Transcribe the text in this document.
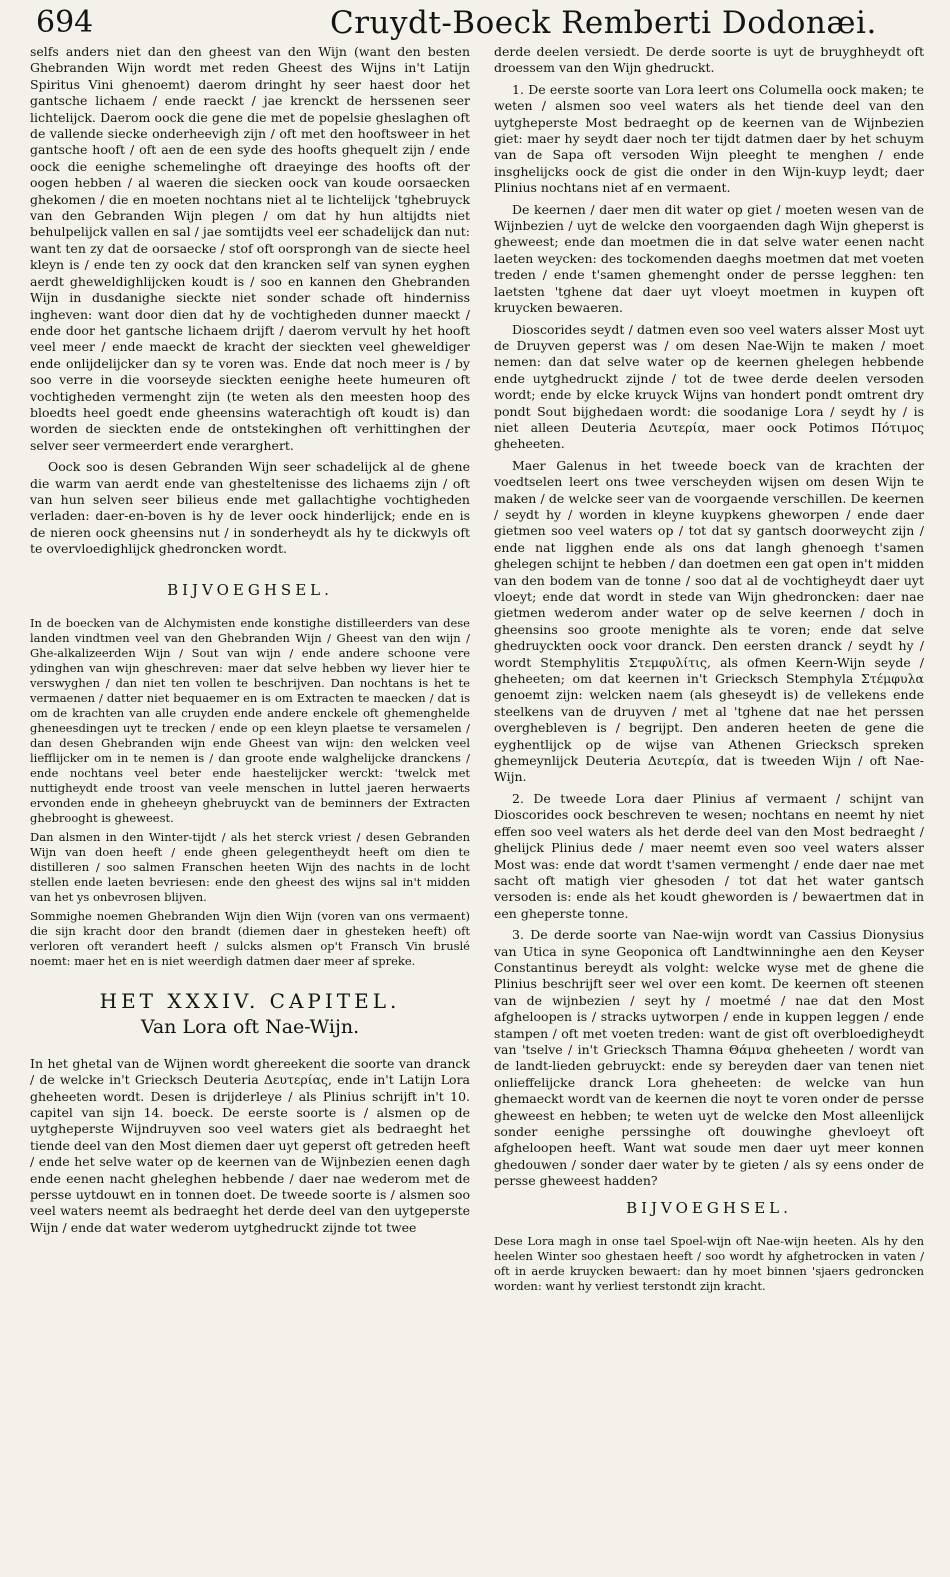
694	Cruydt-Boeck Remberti Dodonæi.

selfs anders niet dan den gheest van den Wijn (want den besten Ghebranden Wijn wordt met reden Gheest des Wijns in't Latijn Spiritus Vini ghenoemt) daerom dringht hy seer haest door het gantsche lichaem / ende raeckt / jae krenckt de herssenen seer lichtelijck. Daerom oock die gene die met de popelsie gheslaghen oft de vallende siecke onderheevigh zijn / oft met den hooftsweer in het gantsche hooft / oft aen de een syde des hoofts ghequelt zijn / ende oock die eenighe schemelinghe oft draeyinge des hoofts oft der oogen hebben / al waeren die siecken oock van koude oorsaecken ghekomen / die en moeten nochtans niet al te lichtelijck 'tghebruyck van den Gebranden Wijn plegen / om dat hy hun altijdts niet behulpelijck vallen en sal / jae somtijdts veel eer schadelijck dan nut: want ten zy dat de oorsaecke / stof oft oorsprongh van de siecte heel kleyn is / ende ten zy oock dat den krancken self van synen eyghen aerdt gheweldighlijcken koudt is / soo en kannen den Ghebranden Wijn in dusdanighe sieckte niet sonder schade oft hinderniss ingheven: want door dien dat hy de vochtigheden dunner maeckt / ende door het gantsche lichaem drijft / daerom vervult hy het hooft veel meer / ende maeckt de kracht der sieckten veel gheweldiger ende onlijdelijcker dan sy te voren was. Ende dat noch meer is / by soo verre in die voorseyde sieckten eenighe heete humeuren oft vochtigheden vermenght zijn (te weten als den meesten hoop des bloedts heel goedt ende gheensins waterachtigh oft koudt is) dan worden de sieckten ende de ontstekinghen oft verhittinghen der selver seer vermeerdert ende verarghert.

Oock soo is desen Gebranden Wijn seer schadelijck al de ghene die warm van aerdt ende van ghesteltenisse des lichaems zijn / oft van hun selven seer bilieus ende met gallachtighe vochtigheden verladen: daer-en-boven is hy de lever oock hinderlijck; ende en is de nieren oock gheensins nut / in sonderheydt als hy te dickwyls oft te overvloedighlijck ghedroncken wordt.

BIJVOEGHSEL.

In de boecken van de Alchymisten ende konstighe distilleerders van dese landen vindtmen veel van den Ghebranden Wijn / Gheest van den wijn / Ghe-alkalizeerden Wijn / Sout van wijn / ende andere schoone vere ydinghen van wijn gheschreven: maer dat selve hebben wy liever hier te verswyghen / dan niet ten vollen te beschrijven. Dan nochtans is het te vermaenen / datter niet bequaemer en is om Extracten te maecken / dat is om de krachten van alle cruyden ende andere enckele oft ghemenghelde gheneesdingen uyt te trecken / ende op een kleyn plaetse te versamelen / dan desen Ghebranden wijn ende Gheest van wijn: den welcken veel liefflijcker om in te nemen is / dan groote ende walghelijcke dranckens / ende nochtans veel beter ende haestelijcker werckt: 'twelck met nuttigheydt ende troost van veele menschen in luttel jaeren herwaerts ervonden ende in gheheeyn ghebruyckt van de beminners der Extracten ghebrooght is gheweest.

Dan alsmen in den Winter-tijdt / als het sterck vriest / desen Gebranden Wijn van doen heeft / ende gheen gelegentheydt heeft om dien te distilleren / soo salmen Franschen heeten Wijn des nachts in de locht stellen ende laeten bevriesen: ende den gheest des wijns sal in't midden van het ys onbevrosen blijven.

Sommighe noemen Ghebranden Wijn dien Wijn (voren van ons vermaent) die sijn kracht door den brandt (diemen daer in ghesteken heeft) oft verloren oft verandert heeft / sulcks alsmen op't Fransch Vin bruslé noemt: maer het en is niet weerdigh datmen daer meer af spreke.

HET XXXIV. CAPITEL.
Van Lora oft Nae-Wijn.

In het ghetal van de Wijnen wordt ghereekent die soorte van dranck / de welcke in't Griecksch Deuteria Δευτερίας, ende in't Latijn Lora gheheeten wordt. Desen is drijderleye / als Plinius schrijft in't 10. capitel van sijn 14. boeck. De eerste soorte is / alsmen op de uytgheperste Wijndruyven soo veel waters giet als bedraeght het tiende deel van den Most diemen daer uyt geperst oft getreden heeft / ende het selve water op de keernen van de Wijnbezien eenen dagh ende eenen nacht gheleghen hebbende / daer nae wederom met de persse uytdouwt en in tonnen doet. De tweede soorte is / alsmen soo veel waters neemt als bedraeght het derde deel van den uytgeperste Wijn / ende dat water wederom uytghedruckt zijnde tot twee

derde deelen versiedt. De derde soorte is uyt de bruyghheydt oft droessem van den Wijn ghedruckt.

1. De eerste soorte van Lora leert ons Columella oock maken; te weten / alsmen soo veel waters als het tiende deel van den uytgheperste Most bedraeght op de keernen van de Wijnbezien giet: maer hy seydt daer noch ter tijdt datmen daer by het schuym van de Sapa oft versoden Wijn pleeght te menghen / ende insghelijcks oock de gist die onder in den Wijn-kuyp leydt; daer Plinius nochtans niet af en vermaent.

De keernen / daer men dit water op giet / moeten wesen van de Wijnbezien / uyt de welcke den voorgaenden dagh Wijn gheperst is gheweest; ende dan moetmen die in dat selve water eenen nacht laeten weycken: des tockomenden daeghs moetmen dat met voeten treden / ende t'samen ghemenght onder de persse legghen: ten laetsten 'tghene dat daer uyt vloeyt moetmen in kuypen oft kruycken bewaeren.

Dioscorides seydt / datmen even soo veel waters alsser Most uyt de Druyven geperst was / om desen Nae-Wijn te maken / moet nemen: dan dat selve water op de keernen ghelegen hebbende ende uytghedruckt zijnde / tot de twee derde deelen versoden wordt; ende by elcke kruyck Wijns van hondert pondt omtrent dry pondt Sout bijghedaen wordt: die soodanige Lora / seydt hy / is niet alleen Deuteria Δευτερία, maer oock Potimos Πότιμος gheheeten.

Maer Galenus in het tweede boeck van de krachten der voedtselen leert ons twee verscheyden wijsen om desen Wijn te maken / de welcke seer van de voorgaende verschillen. De keernen / seydt hy / worden in kleyne kuypkens gheworpen / ende daer gietmen soo veel waters op / tot dat sy gantsch doorweycht zijn / ende nat ligghen ende als ons dat langh ghenoegh t'samen ghelegen schijnt te hebben / dan doetmen een gat open in't midden van den bodem van de tonne / soo dat al de vochtigheydt daer uyt vloeyt; ende dat wordt in stede van Wijn ghedroncken: daer nae gietmen wederom ander water op de selve keernen / doch in gheensins soo groote menighte als te voren; ende dat selve ghedruyckten oock voor dranck. Den eersten dranck / seydt hy / wordt Stemphylitis Στεμφυλίτις, als ofmen Keern-Wijn seyde / gheheeten; om dat keernen in't Griecksch Stemphyla Στέμφυλα genoemt zijn: welcken naem (als gheseydt is) de vellekens ende steelkens van de druyven / met al 'tghene dat nae het perssen overghebleven is / begrijpt. Den anderen heeten de gene die eyghentlijck op de wijse van Athenen Griecksch spreken ghemeynlijck Deuteria Δευτερία, dat is tweeden Wijn / oft Nae-Wijn.

2. De tweede Lora daer Plinius af vermaent / schijnt van Dioscorides oock beschreven te wesen; nochtans en neemt hy niet effen soo veel waters als het derde deel van den Most bedraeght / ghelijck Plinius dede / maer neemt even soo veel waters alsser Most was: ende dat wordt t'samen vermenght / ende daer nae met sacht oft matigh vier ghesoden / tot dat het water gantsch versoden is: ende als het koudt gheworden is / bewaertmen dat in een gheperste tonne.

3. De derde soorte van Nae-wijn wordt van Cassius Dionysius van Utica in syne Geoponica oft Landtwinninghe aen den Keyser Constantinus bereydt als volght: welcke wyse met de ghene die Plinius beschrijft seer wel over een komt. De keernen oft steenen van de wijnbezien / seyt hy / moetmé / nae dat den Most afgheloopen is / stracks uytworpen / ende in kuppen leggen / ende stampen / oft met voeten treden: want de gist oft overbloedigheydt van 'tselve / in't Griecksch Thamna Θάμνα gheheeten / wordt van de landt-lieden gebruyckt: ende sy bereyden daer van tenen niet onlieffelijcke dranck Lora gheheeten: de welcke van hun ghemaeckt wordt van de keernen die noyt te voren onder de persse gheweest en hebben; te weten uyt de welcke den Most alleenlijck sonder eenighe perssinghe oft douwinghe ghevloeyt oft afgheloopen heeft. Want wat soude men daer uyt meer konnen ghedouwen / sonder daer water by te gieten / als sy eens onder de persse gheweest hadden?

BIJVOEGHSEL.

Dese Lora magh in onse tael Spoel-wijn oft Nae-wijn heeten. Als hy den heelen Winter soo ghestaen heeft / soo wordt hy afghetrocken in vaten / oft in aerde kruycken bewaert: dan hy moet binnen 'sjaers gedroncken worden: want hy verliest terstondt zijn kracht.
